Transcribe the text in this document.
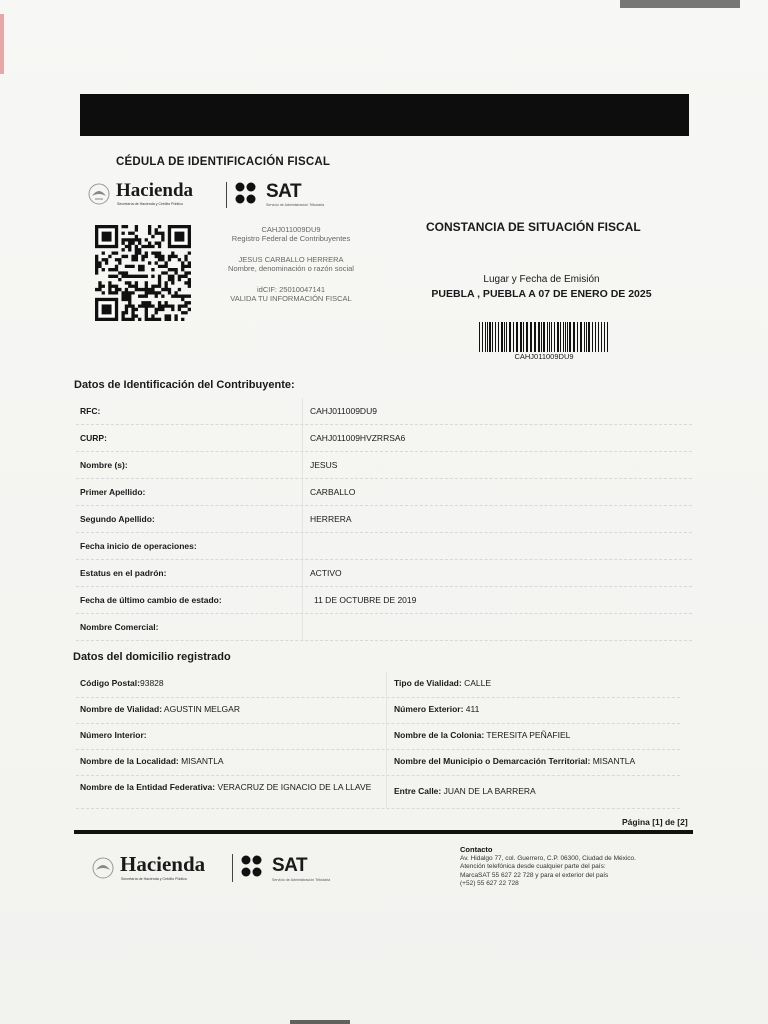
CÉDULA DE IDENTIFICACIÓN FISCAL
Hacienda
Secretaría de Hacienda y Crédito Público
SAT
Servicio de Administración Tributaria
CAHJ011009DU9
Registro Federal de Contribuyentes
JESUS CARBALLO HERRERA
Nombre, denominación o razón social
idCIF: 25010047141
VALIDA TU INFORMACIÓN FISCAL
CONSTANCIA DE SITUACIÓN FISCAL
Lugar y Fecha de Emisión
PUEBLA , PUEBLA A 07 DE ENERO DE 2025
CAHJ011009DU9
Datos de Identificación del Contribuyente:
RFC:	CAHJ011009DU9
CURP:	CAHJ011009HVZRRSA6
Nombre (s):	JESUS
Primer Apellido:	CARBALLO
Segundo Apellido:	HERRERA
Fecha inicio de operaciones:
Estatus en el padrón:	ACTIVO
Fecha de último cambio de estado:	11 DE OCTUBRE DE 2019
Nombre Comercial:
Datos del domicilio registrado
Código Postal:93828	Tipo de Vialidad: CALLE
Nombre de Vialidad: AGUSTIN MELGAR	Número Exterior: 411
Número Interior:	Nombre de la Colonia: TERESITA PEÑAFIEL
Nombre de la Localidad: MISANTLA	Nombre del Municipio o Demarcación Territorial: MISANTLA
Nombre de la Entidad Federativa: VERACRUZ DE IGNACIO DE LA LLAVE	Entre Calle: JUAN DE LA BARRERA
Página [1] de [2]
Hacienda
Secretaría de Hacienda y Crédito Público
SAT
Servicio de Administración Tributaria
Contacto
Av. Hidalgo 77, col. Guerrero, C.P. 06300, Ciudad de México.
Atención telefónica desde cualquier parte del país:
MarcaSAT 55 627 22 728 y para el exterior del país
(+52) 55 627 22 728
